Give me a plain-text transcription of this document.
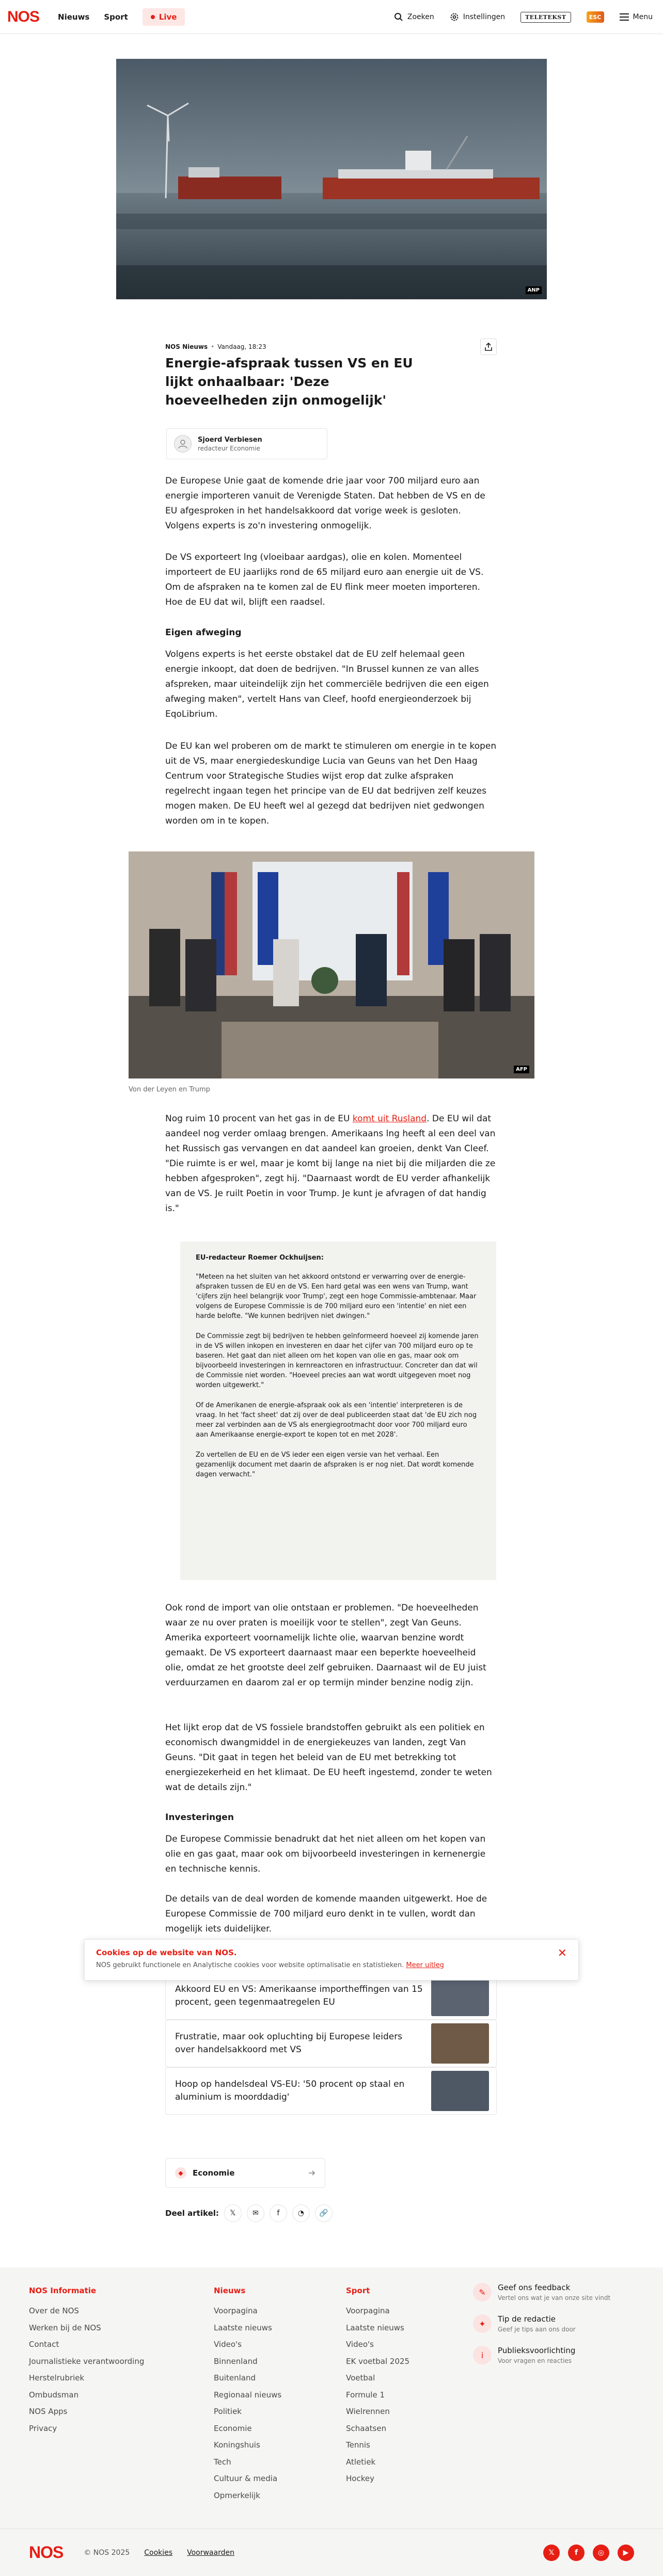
NOS Nieuws Sport	Live	Zoeken	Instellingen	TELETEKST	ESC	Menu
ANP
NOS Nieuws • Vandaag, 18:23
Energie-afspraak tussen VS en EU lijkt onhaalbaar: 'Deze hoeveelheden zijn onmogelijk'
Sjoerd Verbiesen
redacteur Economie

De Europese Unie gaat de komende drie jaar voor 700 miljard euro aan energie importeren vanuit de Verenigde Staten. Dat hebben de VS en de EU afgesproken in het handelsakkoord dat vorige week is gesloten. Volgens experts is zo'n investering onmogelijk.

De VS exporteert lng (vloeibaar aardgas), olie en kolen. Momenteel importeert de EU jaarlijks rond de 65 miljard euro aan energie uit de VS. Om de afspraken na te komen zal de EU flink meer moeten importeren. Hoe de EU dat wil, blijft een raadsel.

Eigen afweging

Volgens experts is het eerste obstakel dat de EU zelf helemaal geen energie inkoopt, dat doen de bedrijven. "In Brussel kunnen ze van alles afspreken, maar uiteindelijk zijn het commerciële bedrijven die een eigen afweging maken", vertelt Hans van Cleef, hoofd energieonderzoek bij EqoLibrium.

De EU kan wel proberen om de markt te stimuleren om energie in te kopen uit de VS, maar energiedeskundige Lucia van Geuns van het Den Haag Centrum voor Strategische Studies wijst erop dat zulke afspraken regelrecht ingaan tegen het principe van de EU dat bedrijven zelf keuzes mogen maken. De EU heeft wel al gezegd dat bedrijven niet gedwongen worden om in te kopen.

AFP
Von der Leyen en Trump

Nog ruim 10 procent van het gas in de EU komt uit Rusland. De EU wil dat aandeel nog verder omlaag brengen. Amerikaans lng heeft al een deel van het Russisch gas vervangen en dat aandeel kan groeien, denkt Van Cleef. "Die ruimte is er wel, maar je komt bij lange na niet bij die miljarden die ze hebben afgesproken", zegt hij. "Daarnaast wordt de EU verder afhankelijk van de VS. Je ruilt Poetin in voor Trump. Je kunt je afvragen of dat handig is."

EU-redacteur Roemer Ockhuijsen:

"Meteen na het sluiten van het akkoord ontstond er verwarring over de energie-afspraken tussen de EU en de VS. Een hard getal was een wens van Trump, want 'cijfers zijn heel belangrijk voor Trump', zegt een hoge Commissie-ambtenaar. Maar volgens de Europese Commissie is de 700 miljard euro een 'intentie' en niet een harde belofte. "We kunnen bedrijven niet dwingen."

De Commissie zegt bij bedrijven te hebben geïnformeerd hoeveel zij komende jaren in de VS willen inkopen en investeren en daar het cijfer van 700 miljard euro op te baseren. Het gaat dan niet alleen om het kopen van olie en gas, maar ook om bijvoorbeeld investeringen in kernreactoren en infrastructuur. Concreter dan dat wil de Commissie niet worden. "Hoeveel precies aan wat wordt uitgegeven moet nog worden uitgewerkt."

Of de Amerikanen de energie-afspraak ook als een 'intentie' interpreteren is de vraag. In het 'fact sheet' dat zij over de deal publiceerden staat dat 'de EU zich nog meer zal verbinden aan de VS als energiegrootmacht door voor 700 miljard euro aan Amerikaanse energie-export te kopen tot en met 2028'.

Zo vertellen de EU en de VS ieder een eigen versie van het verhaal. Een gezamenlijk document met daarin de afspraken is er nog niet. Dat wordt komende dagen verwacht."

Ook rond de import van olie ontstaan er problemen. "De hoeveelheden waar ze nu over praten is moeilijk voor te stellen", zegt Van Geuns. Amerika exporteert voornamelijk lichte olie, waarvan benzine wordt gemaakt. De VS exporteert daarnaast maar een beperkte hoeveelheid olie, omdat ze het grootste deel zelf gebruiken. Daarnaast wil de EU juist verduurzamen en daarom zal er op termijn minder benzine nodig zijn.

Het lijkt erop dat de VS fossiele brandstoffen gebruikt als een politiek en economisch dwangmiddel in de energiekeuzes van landen, zegt Van Geuns. "Dit gaat in tegen het beleid van de EU met betrekking tot energiezekerheid en het klimaat. De EU heeft ingestemd, zonder te weten wat de details zijn."

Investeringen

De Europese Commissie benadrukt dat het niet alleen om het kopen van olie en gas gaat, maar ook om bijvoorbeeld investeringen in kernenergie en technische kennis.

De details van de deal worden de komende maanden uitgewerkt. Hoe de Europese Commissie de 700 miljard euro denkt in te vullen, wordt dan mogelijk iets duidelijker.

Akkoord EU en VS: Amerikaanse importheffingen van 15 procent, geen tegenmaatregelen EU
Frustratie, maar ook opluchting bij Europese leiders over handelsakkoord met VS
Hoop op handelsdeal VS-EU: '50 procent op staal en aluminium is moorddadig'
◆	Economie
Deel artikel:	𝕏	✉	f	◔	🔗
Cookies op de website van NOS.
NOS gebruikt functionele en Analytische cookies voor website optimalisatie en statistieken. Meer uitleg
✕
NOS Informatie
Over de NOS
Werken bij de NOS
Contact
Journalistieke verantwoording
Herstelrubriek
Ombudsman
NOS Apps
Privacy
Nieuws
Voorpagina
Laatste nieuws
Video's
Binnenland
Buitenland
Regionaal nieuws
Politiek
Economie
Koningshuis
Tech
Cultuur & media
Opmerkelijk
Sport
Voorpagina
Laatste nieuws
Video's
EK voetbal 2025
Voetbal
Formule 1
Wielrennen
Schaatsen
Tennis
Atletiek
Hockey
✎	Geef ons feedback
Vertel ons wat je van onze site vindt
✦	Tip de redactie
Geef je tips aan ons door
i	Publieksvoorlichting
Voor vragen en reacties
NOS	© NOS 2025 Cookies Voorwaarden	𝕏	f	◎	▶
